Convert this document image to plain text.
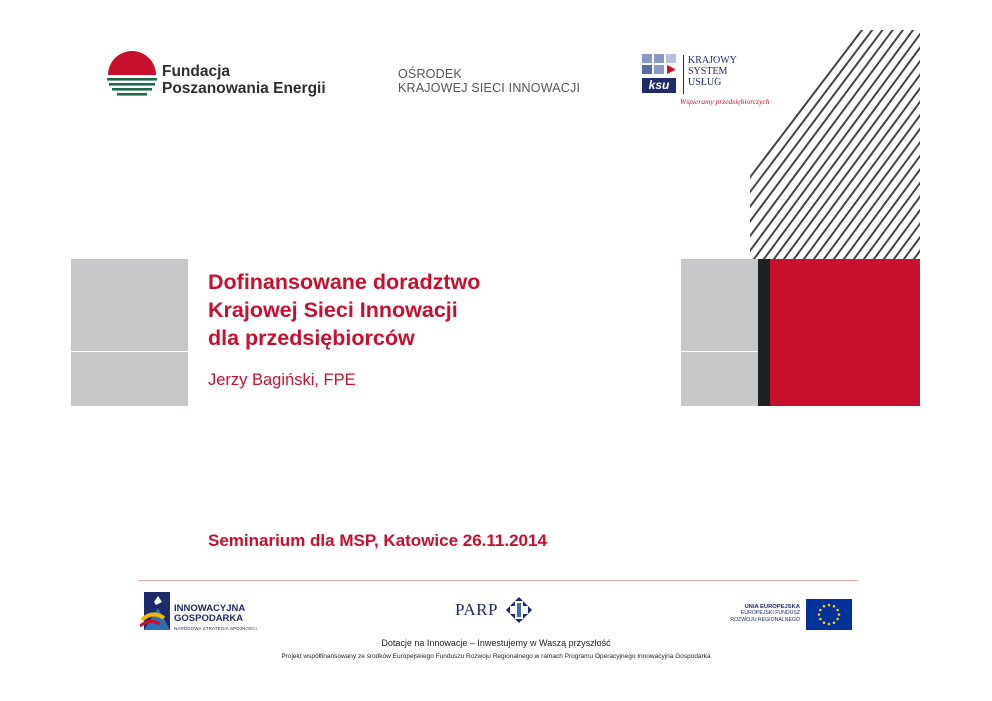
Fundacja
Poszanowania Energii
OŚRODEK
KRAJOWEJ SIECI INNOWACJI	ksu
KRAJOWY
SYSTEM
USŁUG
Wspieramy przedsiębiorczych
Dofinansowane doradztwo
Krajowej Sieci Innowacji
dla przedsiębiorców
Jerzy Bagiński, FPE
Seminarium dla MSP, Katowice 26.11.2014
INNOWACYJNA
GOSPODARKA
NARODOWA STRATEGIA SPÓJNOŚCI
PARP	UNIA EUROPEJSKA
EUROPEJSKI FUNDUSZ
ROZWOJU REGIONALNEGO
Dotacje na Innowacje – Inwestujemy w Waszą przyszłość
Projekt współfinansowany ze środków Europejskiego Funduszu Rozwoju Regionalnego w ramach Programu Operacyjnego Innowacyjna Gospodarka
